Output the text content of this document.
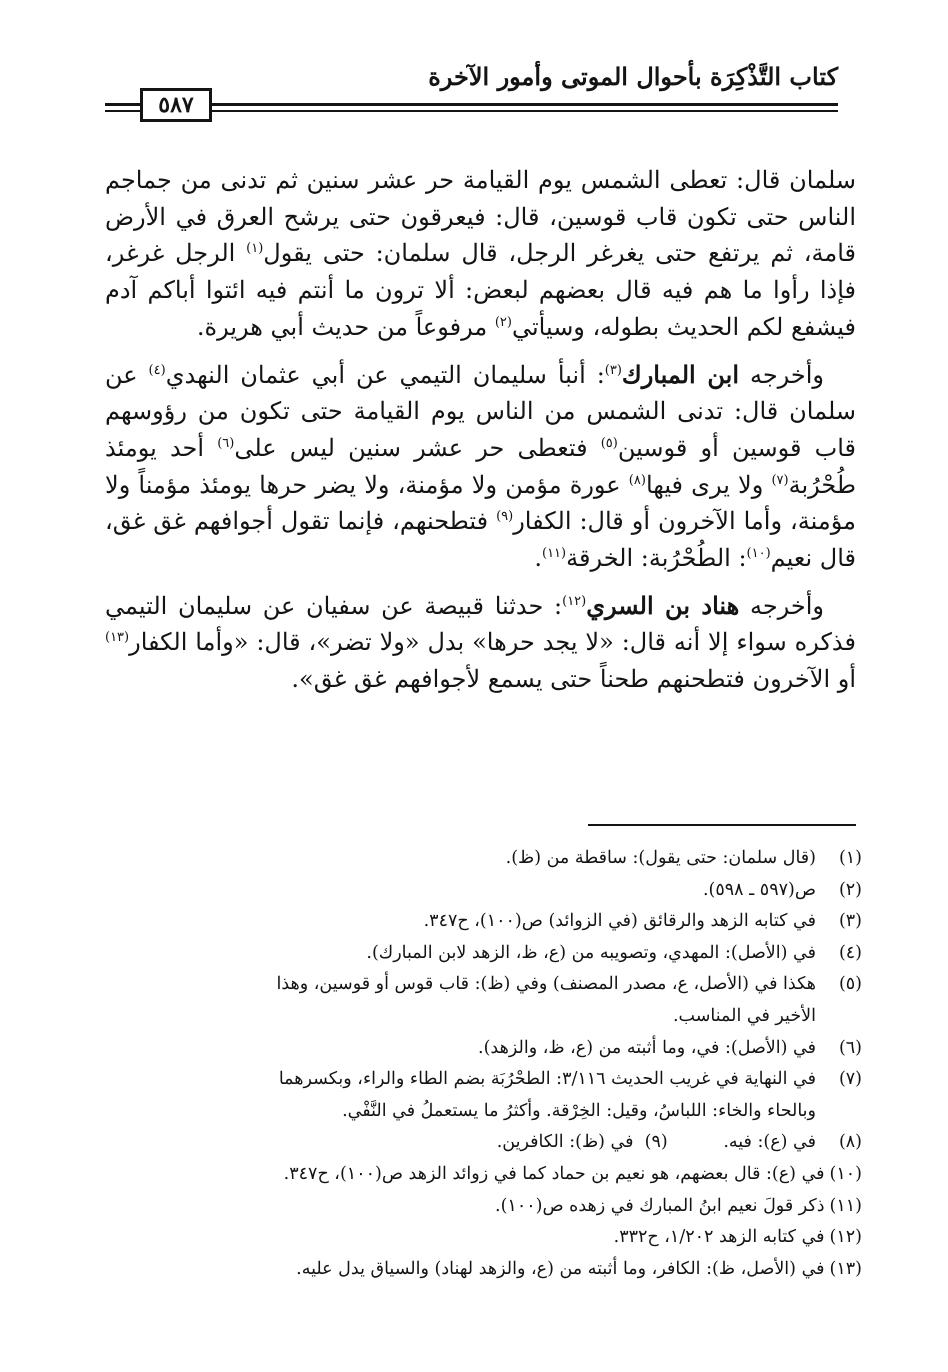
كتاب التَّذْكِرَة بأحوال الموتى وأمور الآخرة
٥٨٧

سلمان قال: تعطى الشمس يوم القيامة حر عشر سنين ثم تدنى من جماجم الناس حتى تكون قاب قوسين، قال: فيعرقون حتى يرشح العرق في الأرض قامة، ثم يرتفع حتى يغرغر الرجل، قال سلمان: حتى يقول$^{(١)}$ الرجل غرغر، فإذا رأوا ما هم فيه قال بعضهم لبعض: ألا ترون ما أنتم فيه ائتوا أباكم آدم فيشفع لكم الحديث بطوله، وسيأتي$^{(٢)}$ مرفوعاً من حديث أبي هريرة.

وأخرجه ابن المبارك$^{(٣)}$: أنبأ سليمان التيمي عن أبي عثمان النهدي$^{(٤)}$ عن سلمان قال: تدنى الشمس من الناس يوم القيامة حتى تكون من رؤوسهم قاب قوسين أو قوسين$^{(٥)}$ فتعطى حر عشر سنين ليس على$^{(٦)}$ أحد يومئذ طُحْرُبة$^{(٧)}$ ولا يرى فيها$^{(٨)}$ عورة مؤمن ولا مؤمنة، ولا يضر حرها يومئذ مؤمناً ولا مؤمنة، وأما الآخرون أو قال: الكفار$^{(٩)}$ فتطحنهم، فإنما تقول أجوافهم غق غق، قال نعيم$^{(١٠)}$: الطُحْرُبة: الخرقة$^{(١١)}$.

وأخرجه هناد بن السري$^{(١٢)}$: حدثنا قبيصة عن سفيان عن سليمان التيمي فذكره سواء إلا أنه قال: «لا يجد حرها» بدل «ولا تضر»، قال: «وأما الكفار$^{(١٣)}$ أو الآخرون فتطحنهم طحناً حتى يسمع لأجوافهم غق غق».

(١)
(قال سلمان: حتى يقول): ساقطة من (ظ).
(٢)
ص(٥٩٧ ـ ٥٩٨).
(٣)
في كتابه الزهد والرقائق (في الزوائد) ص(١٠٠)، ح٣٤٧.
(٤)
في (الأصل): المهدي، وتصويبه من (ع، ظ، الزهد لابن المبارك).
(٥)
هكذا في (الأصل، ع، مصدر المصنف) وفي (ظ): قاب قوس أو قوسين، وهذا
الأخير في المناسب.
(٦)
في (الأصل): في، وما أثبته من (ع، ظ، والزهد).
(٧)
في النهاية في غريب الحديث ٣/١١٦: الطحْرُبَة بضم الطاء والراء، وبكسرهما
وبالحاء والخاء: اللباسُ، وقيل: الخِرْقة. وأكثرُ ما يستعملُ في النَّفْي.
(٨)
في (ع): فيه.          (٩)  في (ظ): الكافرين.
(١٠)
في (ع): قال بعضهم، هو نعيم بن حماد كما في زوائد الزهد ص(١٠٠)، ح٣٤٧.
(١١)
ذكر قولَ نعيم ابنُ المبارك في زهده ص(١٠٠).
(١٢)
في كتابه الزهد ١/٢٠٢، ح٣٣٢.
(١٣)
في (الأصل، ظ): الكافر، وما أثبته من (ع، والزهد لهناد) والسياق يدل عليه.
